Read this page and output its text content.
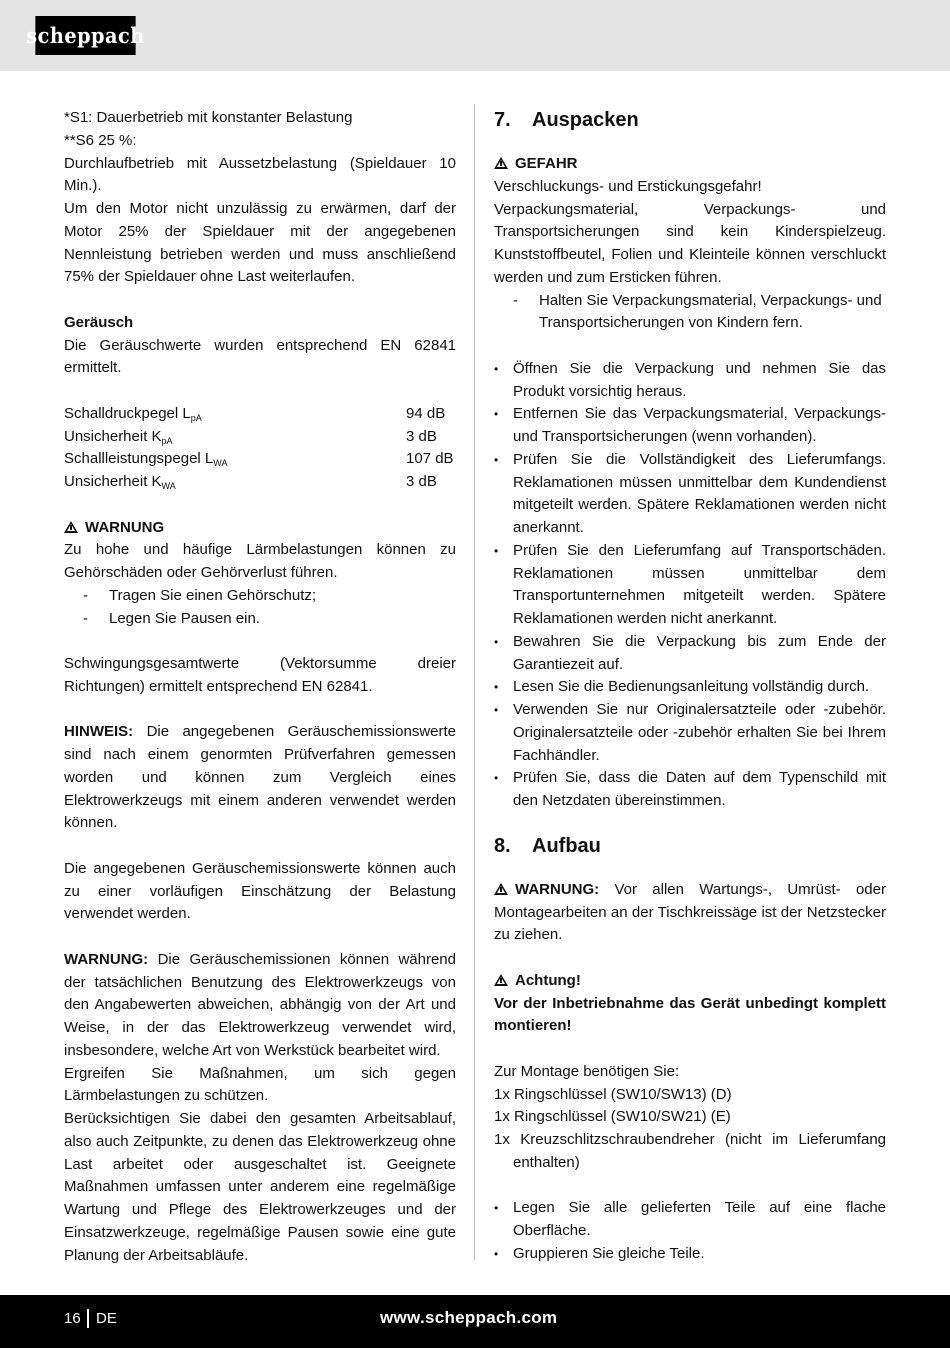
scheppach

*S1: Dauerbetrieb mit konstanter Belastung

**S6 25 %:

Durchlaufbetrieb mit Aussetzbelastung (Spieldauer 10 Min.).

Um den Motor nicht unzulässig zu erwärmen, darf der Motor 25% der Spieldauer mit der angegebenen Nennleistung betrieben werden und muss anschließend 75% der Spieldauer ohne Last weiterlaufen.

Geräusch

Die Geräuschwerte wurden entsprechend EN 62841 ermittelt.

Schalldruckpegel $L_{pA}$	94 dB
Unsicherheit $K_{pA}$	3 dB
Schallleistungspegel $L_{WA}$	107 dB
Unsicherheit $K_{WA}$	3 dB

WARNUNG

Zu hohe und häufige Lärmbelastungen können zu Gehörschäden oder Gehörverlust führen.

- Tragen Sie einen Gehörschutz;
- Legen Sie Pausen ein.

Schwingungsgesamtwerte (Vektorsumme dreier Richtungen) ermittelt entsprechend EN 62841.

HINWEIS: Die angegebenen Geräuschemissionswerte sind nach einem genormten Prüfverfahren gemessen worden und können zum Vergleich eines Elektrowerkzeugs mit einem anderen verwendet werden können.

Die angegebenen Geräuschemissionswerte können auch zu einer vorläufigen Einschätzung der Belastung verwendet werden.

WARNUNG: Die Geräuschemissionen können während der tatsächlichen Benutzung des Elektrowerkzeugs von den Angabewerten abweichen, abhängig von der Art und Weise, in der das Elektrowerkzeug verwendet wird, insbesondere, welche Art von Werkstück bearbeitet wird.

Ergreifen Sie Maßnahmen, um sich gegen Lärmbelastungen zu schützen.

Berücksichtigen Sie dabei den gesamten Arbeitsablauf, also auch Zeitpunkte, zu denen das Elektrowerkzeug ohne Last arbeitet oder ausgeschaltet ist. Geeignete Maßnahmen umfassen unter anderem eine regelmäßige Wartung und Pflege des Elektrowerkzeuges und der Einsatzwerkzeuge, regelmäßige Pausen sowie eine gute Planung der Arbeitsabläufe.

7. Auspacken

GEFAHR

Verschluckungs- und Erstickungsgefahr!

Verpackungsmaterial, Verpackungs- und Transportsicherungen sind kein Kinderspielzeug. Kunststoffbeutel, Folien und Kleinteile können verschluckt werden und zum Ersticken führen.

- Halten Sie Verpackungsmaterial, Verpackungs- und Transportsicherungen von Kindern fern.
• Öffnen Sie die Verpackung und nehmen Sie das Produkt vorsichtig heraus.
• Entfernen Sie das Verpackungsmaterial, Verpackungs- und Transportsicherungen (wenn vorhanden).
• Prüfen Sie die Vollständigkeit des Lieferumfangs. Reklamationen müssen unmittelbar dem Kundendienst mitgeteilt werden. Spätere Reklamationen werden nicht anerkannt.
• Prüfen Sie den Lieferumfang auf Transportschäden. Reklamationen müssen unmittelbar dem Transportunternehmen mitgeteilt werden. Spätere Reklamationen werden nicht anerkannt.
• Bewahren Sie die Verpackung bis zum Ende der Garantiezeit auf.
• Lesen Sie die Bedienungsanleitung vollständig durch.
• Verwenden Sie nur Originalersatzteile oder -zubehör. Originalersatzteile oder -zubehör erhalten Sie bei Ihrem Fachhändler.
• Prüfen Sie, dass die Daten auf dem Typenschild mit den Netzdaten übereinstimmen.
8. Aufbau

WARNUNG: Vor allen Wartungs-, Umrüst- oder Montagearbeiten an der Tischkreissäge ist der Netzstecker zu ziehen.

Achtung!

Vor der Inbetriebnahme das Gerät unbedingt komplett montieren!

Zur Montage benötigen Sie:

1x Ringschlüssel (SW10/SW13) (D)

1x Ringschlüssel (SW10/SW21) (E)

1x Kreuzschlitzschraubendreher (nicht im Lieferumfang enthalten)

• Legen Sie alle gelieferten Teile auf eine flache Oberfläche.
• Gruppieren Sie gleiche Teile.
16 DE	www.scheppach.com
